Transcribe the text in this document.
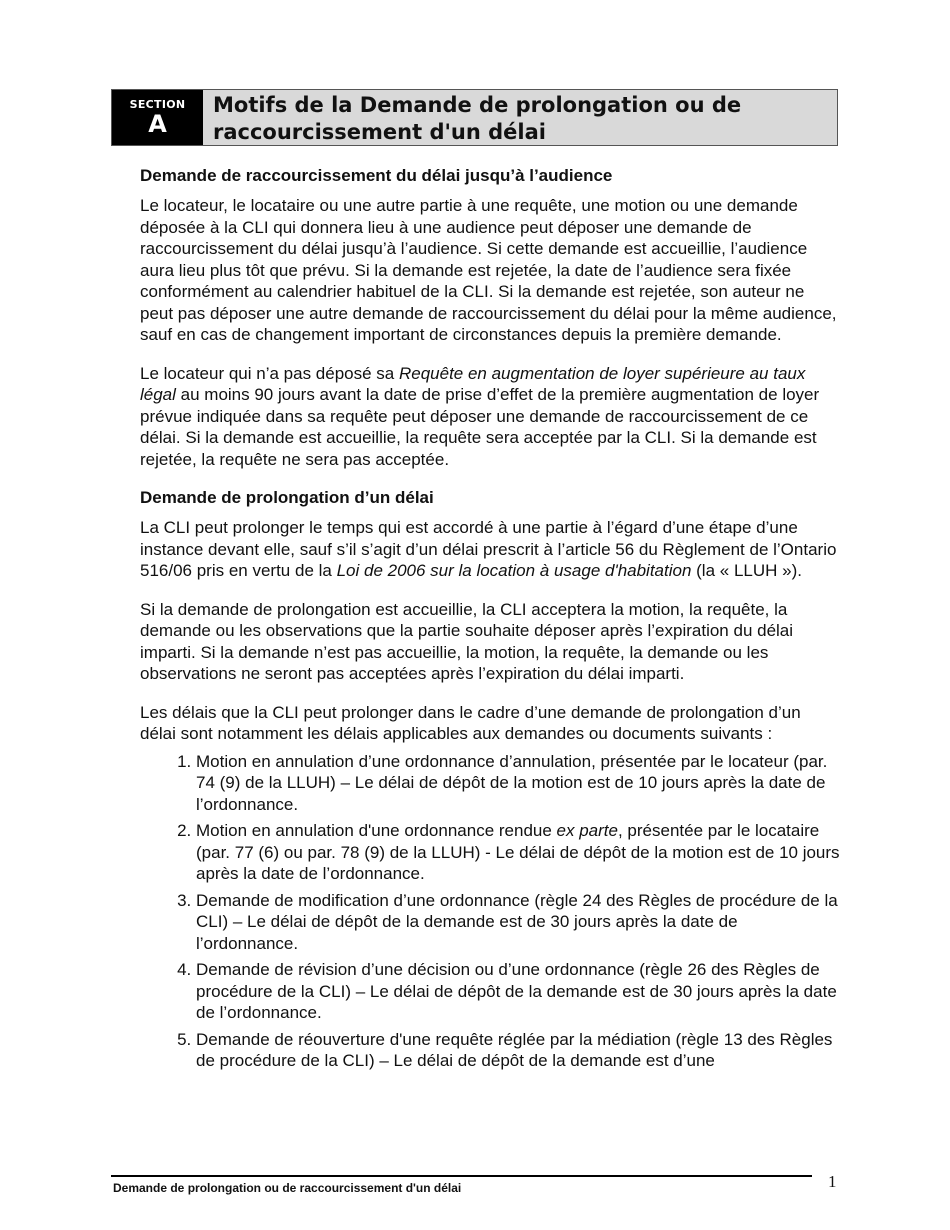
SECTION
A
Motifs de la Demande de prolongation ou de raccourcissement d'un délai
Demande de raccourcissement du délai jusqu’à l’audience

Le locateur, le locataire ou une autre partie à une requête, une motion ou une demande déposée à la CLI qui donnera lieu à une audience peut déposer une demande de raccourcissement du délai jusqu’à l’audience. Si cette demande est accueillie, l’audience aura lieu plus tôt que prévu. Si la demande est rejetée, la date de l’audience sera fixée conformément au calendrier habituel de la CLI. Si la demande est rejetée, son auteur ne peut pas déposer une autre demande de raccourcissement du délai pour la même audience, sauf en cas de changement important de circonstances depuis la première demande.

Le locateur qui n’a pas déposé sa Requête en augmentation de loyer supérieure au taux légal au moins 90 jours avant la date de prise d’effet de la première augmentation de loyer prévue indiquée dans sa requête peut déposer une demande de raccourcissement de ce délai. Si la demande est accueillie, la requête sera acceptée par la CLI. Si la demande est rejetée, la requête ne sera pas acceptée.

Demande de prolongation d’un délai

La CLI peut prolonger le temps qui est accordé à une partie à l’égard d’une étape d’une instance devant elle, sauf s’il s’agit d’un délai prescrit à l’article 56 du Règlement de l’Ontario 516/06 pris en vertu de la Loi de 2006 sur la location à usage d'habitation (la « LLUH »).

Si la demande de prolongation est accueillie, la CLI acceptera la motion, la requête, la demande ou les observations que la partie souhaite déposer après l’expiration du délai imparti. Si la demande n’est pas accueillie, la motion, la requête, la demande ou les observations ne seront pas acceptées après l’expiration du délai imparti.

Les délais que la CLI peut prolonger dans le cadre d’une demande de prolongation d’un délai sont notamment les délais applicables aux demandes ou documents suivants :

1. Motion en annulation d’une ordonnance d’annulation, présentée par le locateur (par. 74 (9) de la LLUH) – Le délai de dépôt de la motion est de 10 jours après la date de l’ordonnance.
2. Motion en annulation d'une ordonnance rendue ex parte, présentée par le locataire (par. 77 (6) ou par. 78 (9) de la LLUH) - Le délai de dépôt de la motion est de 10 jours après la date de l’ordonnance.
3. Demande de modification d’une ordonnance (règle 24 des Règles de procédure de la CLI) – Le délai de dépôt de la demande est de 30 jours après la date de l’ordonnance.
4. Demande de révision d’une décision ou d’une ordonnance (règle 26 des Règles de procédure de la CLI) – Le délai de dépôt de la demande est de 30 jours après la date de l’ordonnance.
5. Demande de réouverture d'une requête réglée par la médiation (règle 13 des Règles de procédure de la CLI) – Le délai de dépôt de la demande est d’une
Demande de prolongation ou de raccourcissement d'un délai	1
